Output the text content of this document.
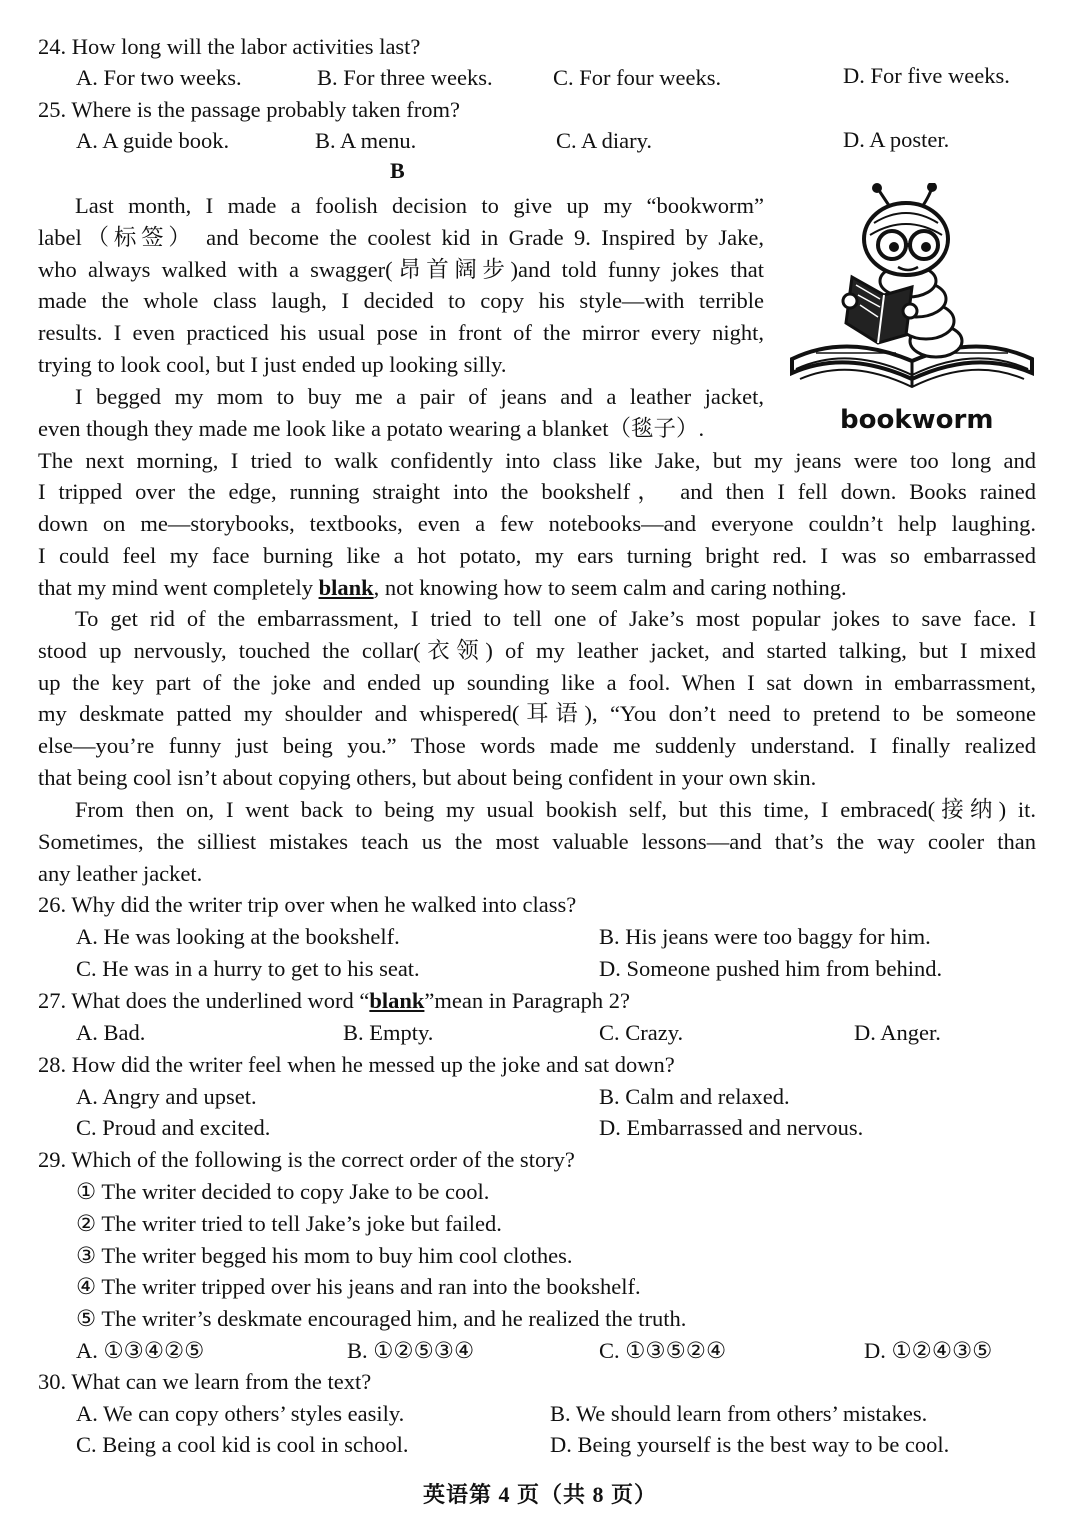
24. How long will the labor activities last?
A. For two weeks.	B. For three weeks.	C. For four weeks.	D. For five weeks.
25. Where is the passage probably taken from?
A. A guide book.	B. A menu.	C. A diary.	D. A poster.
B
Last month, I made a foolish decision to give up my “bookworm”
label（标签） and become the coolest kid in Grade 9. Inspired by Jake,
who always walked with a swagger(昂首阔步)and told funny jokes that
made the whole class laugh, I decided to copy his style—with terrible
results. I even practiced his usual pose in front of the mirror every night,
trying to look cool, but I just ended up looking silly.
I begged my mom to buy me a pair of jeans and a leather jacket,
even though they made me look like a potato wearing a blanket（毯子）.
The next morning, I tried to walk confidently into class like Jake, but my jeans were too long and
I tripped over the edge, running straight into the bookshelf， and then I fell down. Books rained
down on me—storybooks, textbooks, even a few notebooks—and everyone couldn’t help laughing.
I could feel my face burning like a hot potato, my ears turning bright red. I was so embarrassed
that my mind went completely blank, not knowing how to seem calm and caring nothing.
To get rid of the embarrassment, I tried to tell one of Jake’s most popular jokes to save face. I
stood up nervously, touched the collar(衣领) of my leather jacket, and started talking, but I mixed
up the key part of the joke and ended up sounding like a fool. When I sat down in embarrassment,
my deskmate patted my shoulder and whispered(耳语), “You don’t need to pretend to be someone
else—you’re funny just being you.” Those words made me suddenly understand. I finally realized
that being cool isn’t about copying others, but about being confident in your own skin.
From then on, I went back to being my usual bookish self, but this time, I embraced(接纳) it.
Sometimes, the silliest mistakes teach us the most valuable lessons—and that’s the way cooler than
any leather jacket.
bookworm
26. Why did the writer trip over when he walked into class?
A. He was looking at the bookshelf.	B. His jeans were too baggy for him.
C. He was in a hurry to get to his seat.	D. Someone pushed him from behind.
27. What does the underlined word “blank”mean in Paragraph 2?
A. Bad.	B. Empty.	C. Crazy.	D. Anger.
28. How did the writer feel when he messed up the joke and sat down?
A. Angry and upset.	B. Calm and relaxed.
C. Proud and excited.	D. Embarrassed and nervous.
29. Which of the following is the correct order of the story?
① The writer decided to copy Jake to be cool.
② The writer tried to tell Jake’s joke but failed.
③ The writer begged his mom to buy him cool clothes.
④ The writer tripped over his jeans and ran into the bookshelf.
⑤ The writer’s deskmate encouraged him, and he realized the truth.
A. ①③④②⑤	B. ①②⑤③④	C. ①③⑤②④	D. ①②④③⑤
30. What can we learn from the text?
A. We can copy others’ styles easily.	B. We should learn from others’ mistakes.
C. Being a cool kid is cool in school.	D. Being yourself is the best way to be cool.
英语第 4 页（共 8 页）
